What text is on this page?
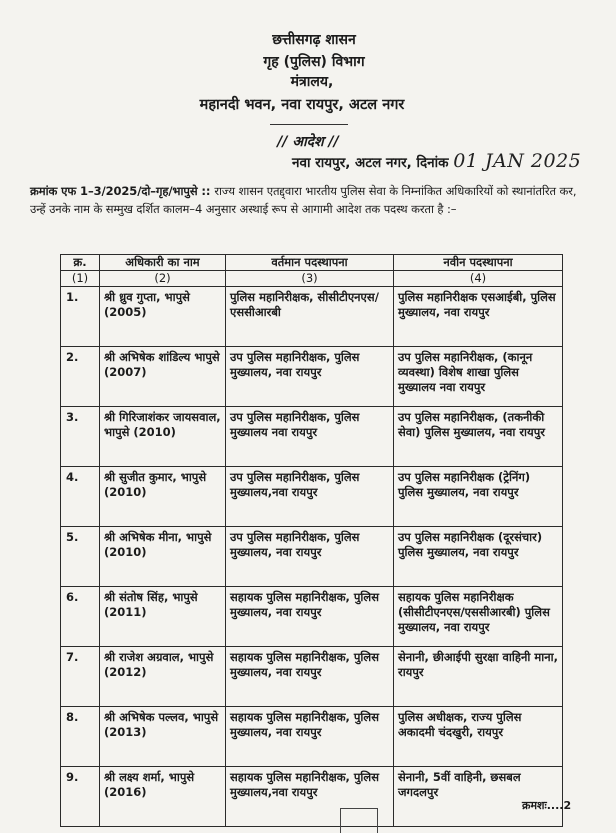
छत्तीसगढ़ शासन
गृह (पुलिस) विभाग
मंत्रालय,
महानदी भवन, नवा रायपुर, अटल नगर
// आदेश //
नवा रायपुर, अटल नगर, दिनांक 01 JAN 2025
क्रमांक एफ 1–3/2025/दो–गृह/भापुसे :: राज्य शासन एतद्द्वारा भारतीय पुलिस सेवा के निम्नांकित अधिकारियों को स्थानांतरित कर, उन्हें उनके नाम के सम्मुख दर्शित कालम–4 अनुसार अस्थाई रूप से आगामी आदेश तक पदस्थ करता है :–
क्र.	अधिकारी का नाम	वर्तमान पदस्थापना	नवीन पदस्थापना
(1)	(2)	(3)	(4)
1.	श्री ध्रुव गुप्ता, भापुसे (2005)	पुलिस महानिरीक्षक, सीसीटीएनएस/एससीआरबी	पुलिस महानिरीक्षक एसआईबी, पुलिस मुख्यालय, नवा रायपुर
2.	श्री अभिषेक शांडिल्य भापुसे (2007)	उप पुलिस महानिरीक्षक, पुलिस मुख्यालय, नवा रायपुर	उप पुलिस महानिरीक्षक, (कानून व्यवस्था) विशेष शाखा पुलिस मुख्यालय नवा रायपुर
3.	श्री गिरिजाशंकर जायसवाल, भापुसे (2010)	उप पुलिस महानिरीक्षक, पुलिस मुख्यालय नवा रायपुर	उप पुलिस महानिरीक्षक, (तकनीकी सेवा) पुलिस मुख्यालय, नवा रायपुर
4.	श्री सुजीत कुमार, भापुसे (2010)	उप पुलिस महानिरीक्षक, पुलिस मुख्यालय,नवा रायपुर	उप पुलिस महानिरीक्षक (ट्रेनिंग) पुलिस मुख्यालय, नवा रायपुर
5.	श्री अभिषेक मीना, भापुसे (2010)	उप पुलिस महानिरीक्षक, पुलिस मुख्यालय, नवा रायपुर	उप पुलिस महानिरीक्षक (दूरसंचार) पुलिस मुख्यालय, नवा रायपुर
6.	श्री संतोष सिंह, भापुसे (2011)	सहायक पुलिस महानिरीक्षक, पुलिस मुख्यालय, नवा रायपुर	सहायक पुलिस महानिरीक्षक (सीसीटीएनएस/एससीआरबी) पुलिस मुख्यालय, नवा रायपुर
7.	श्री राजेश अग्रवाल, भापुसे (2012)	सहायक पुलिस महानिरीक्षक, पुलिस मुख्यालय, नवा रायपुर	सेनानी, छीआईपी सुरक्षा वाहिनी माना, रायपुर
8.	श्री अभिषेक पल्लव, भापुसे (2013)	सहायक पुलिस महानिरीक्षक, पुलिस मुख्यालय, नवा रायपुर	पुलिस अधीक्षक, राज्य पुलिस अकादमी चंदखुरी, रायपुर
9.	श्री लक्ष्य शर्मा, भापुसे (2016)	सहायक पुलिस महानिरीक्षक, पुलिस मुख्यालय,नवा रायपुर	सेनानी, 5वीं वाहिनी, छसबल जगदलपुर
क्रमशः....2
